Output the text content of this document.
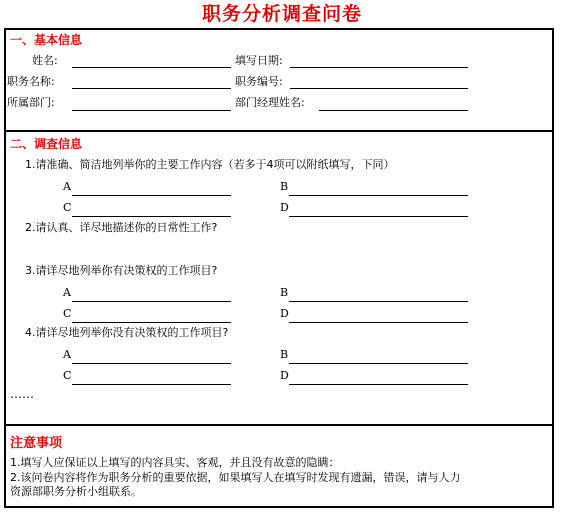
职务分析调查问卷
一、基本信息
姓名:	填写日期:
职务名称:	职务编号:
所属部门:	部门经理姓名:
二、调查信息
1.请准确、简洁地列举你的主要工作内容（若多于4项可以附纸填写，下同）
A	B
C	D
2.请认真、详尽地描述你的日常性工作?
3.请详尽地列举你有决策权的工作项目?
A	B
C	D
4.请详尽地列举你没有决策权的工作项目?
A	B
C	D
……
注意事项
1.填写人应保证以上填写的内容具实、客观，并且没有故意的隐瞒：
2.该问卷内容将作为职务分析的重要依据，如果填写人在填写时发现有遗漏，错误，请与人力
资源部职务分析小组联系。
